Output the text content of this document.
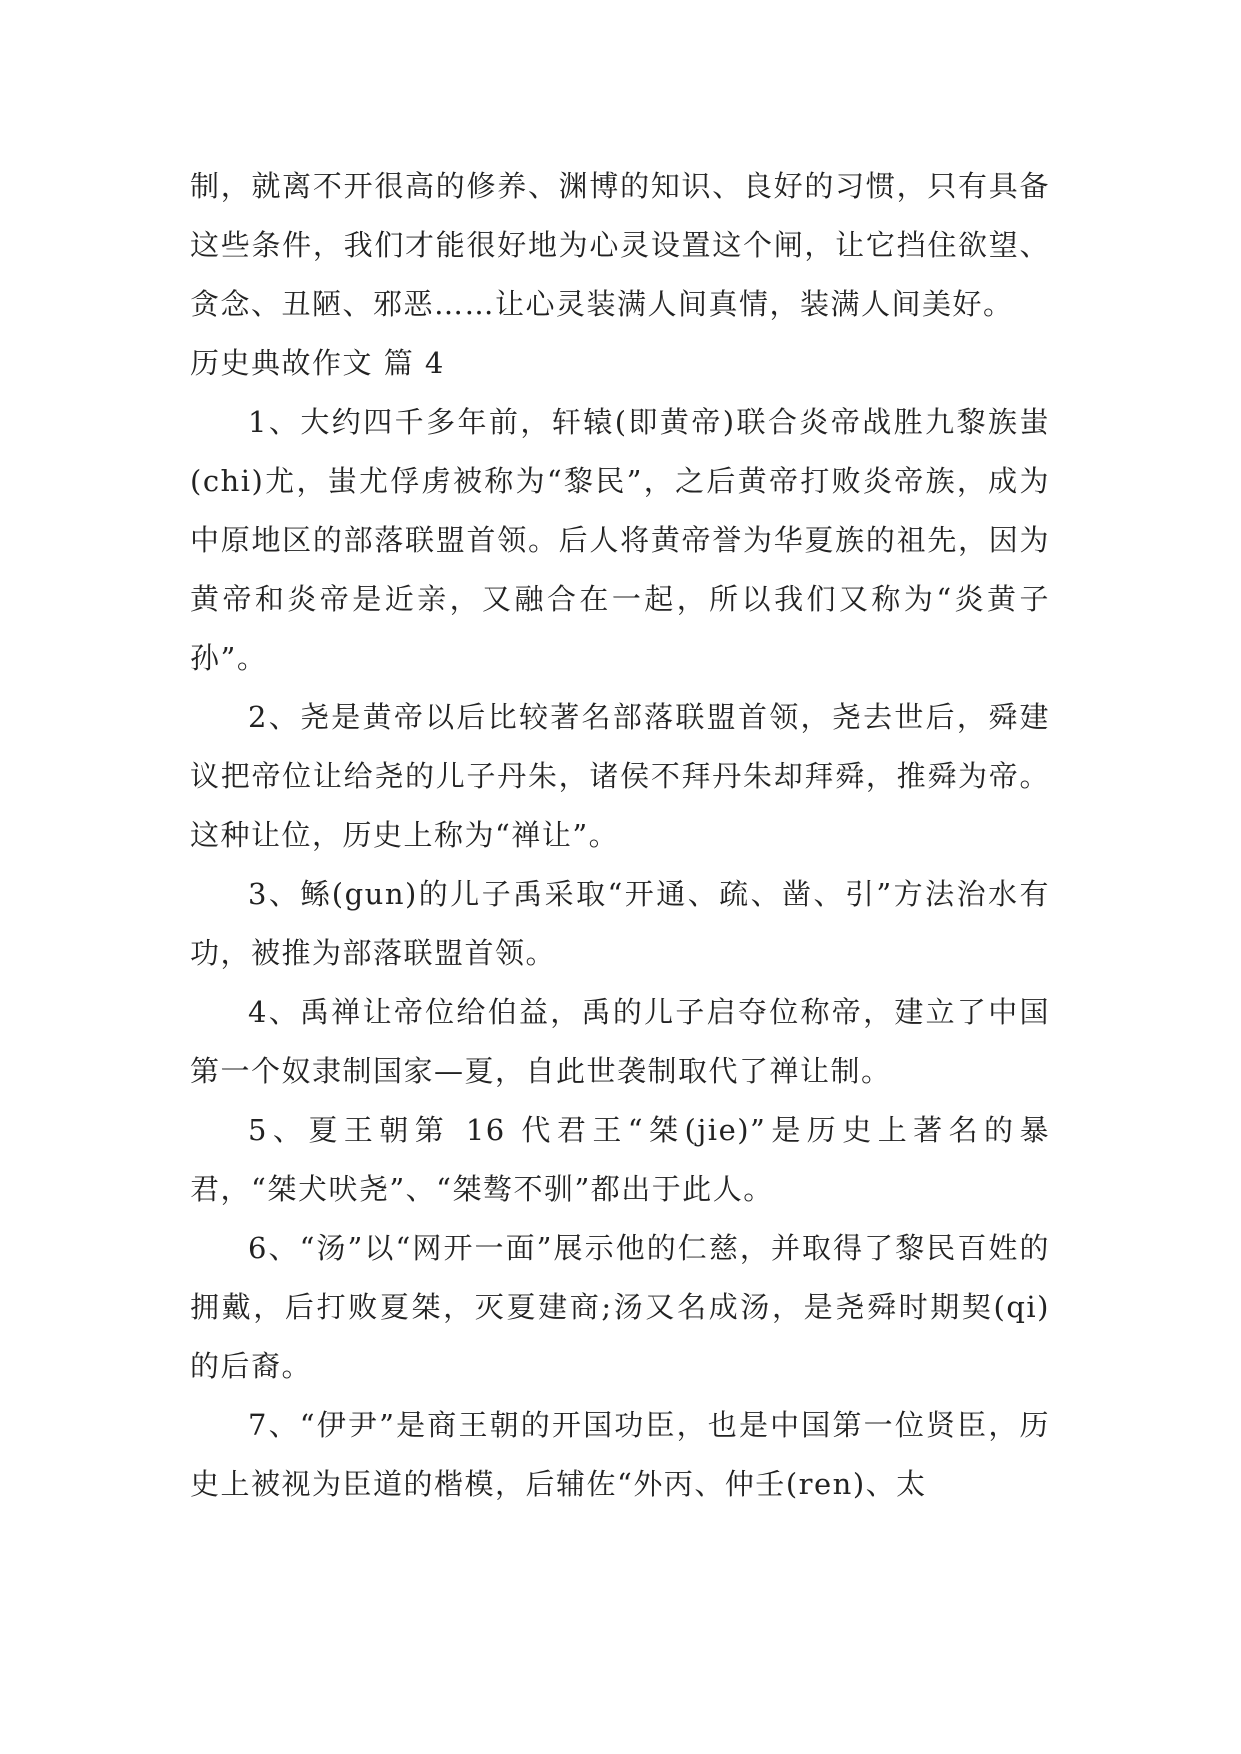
制，就离不开很高的修养、渊博的知识、良好的习惯，只有具备这些条件，我们才能很好地为心灵设置这个闸，让它挡住欲望、贪念、丑陋、邪恶……让心灵装满人间真情，装满人间美好。

历史典故作文 篇 4

1、大约四千多年前，轩辕(即黄帝)联合炎帝战胜九黎族蚩(chi)尤，蚩尤俘虏被称为“黎民”，之后黄帝打败炎帝族，成为中原地区的部落联盟首领。后人将黄帝誉为华夏族的祖先，因为黄帝和炎帝是近亲，又融合在一起，所以我们又称为“炎黄子孙”。

2、尧是黄帝以后比较著名部落联盟首领，尧去世后，舜建议把帝位让给尧的儿子丹朱，诸侯不拜丹朱却拜舜，推舜为帝。这种让位，历史上称为“禅让”。

3、鲧(gun)的儿子禹采取“开通、疏、凿、引”方法治水有功，被推为部落联盟首领。

4、禹禅让帝位给伯益，禹的儿子启夺位称帝，建立了中国第一个奴隶制国家—夏，自此世袭制取代了禅让制。

5、夏王朝第 16 代君王“桀(jie)”是历史上著名的暴君，“桀犬吠尧”、“桀骜不驯”都出于此人。

6、“汤”以“网开一面”展示他的仁慈，并取得了黎民百姓的拥戴，后打败夏桀，灭夏建商;汤又名成汤，是尧舜时期契(qi)的后裔。

7、“伊尹”是商王朝的开国功臣，也是中国第一位贤臣，历史上被视为臣道的楷模，后辅佐“外丙、仲壬(ren)、太
